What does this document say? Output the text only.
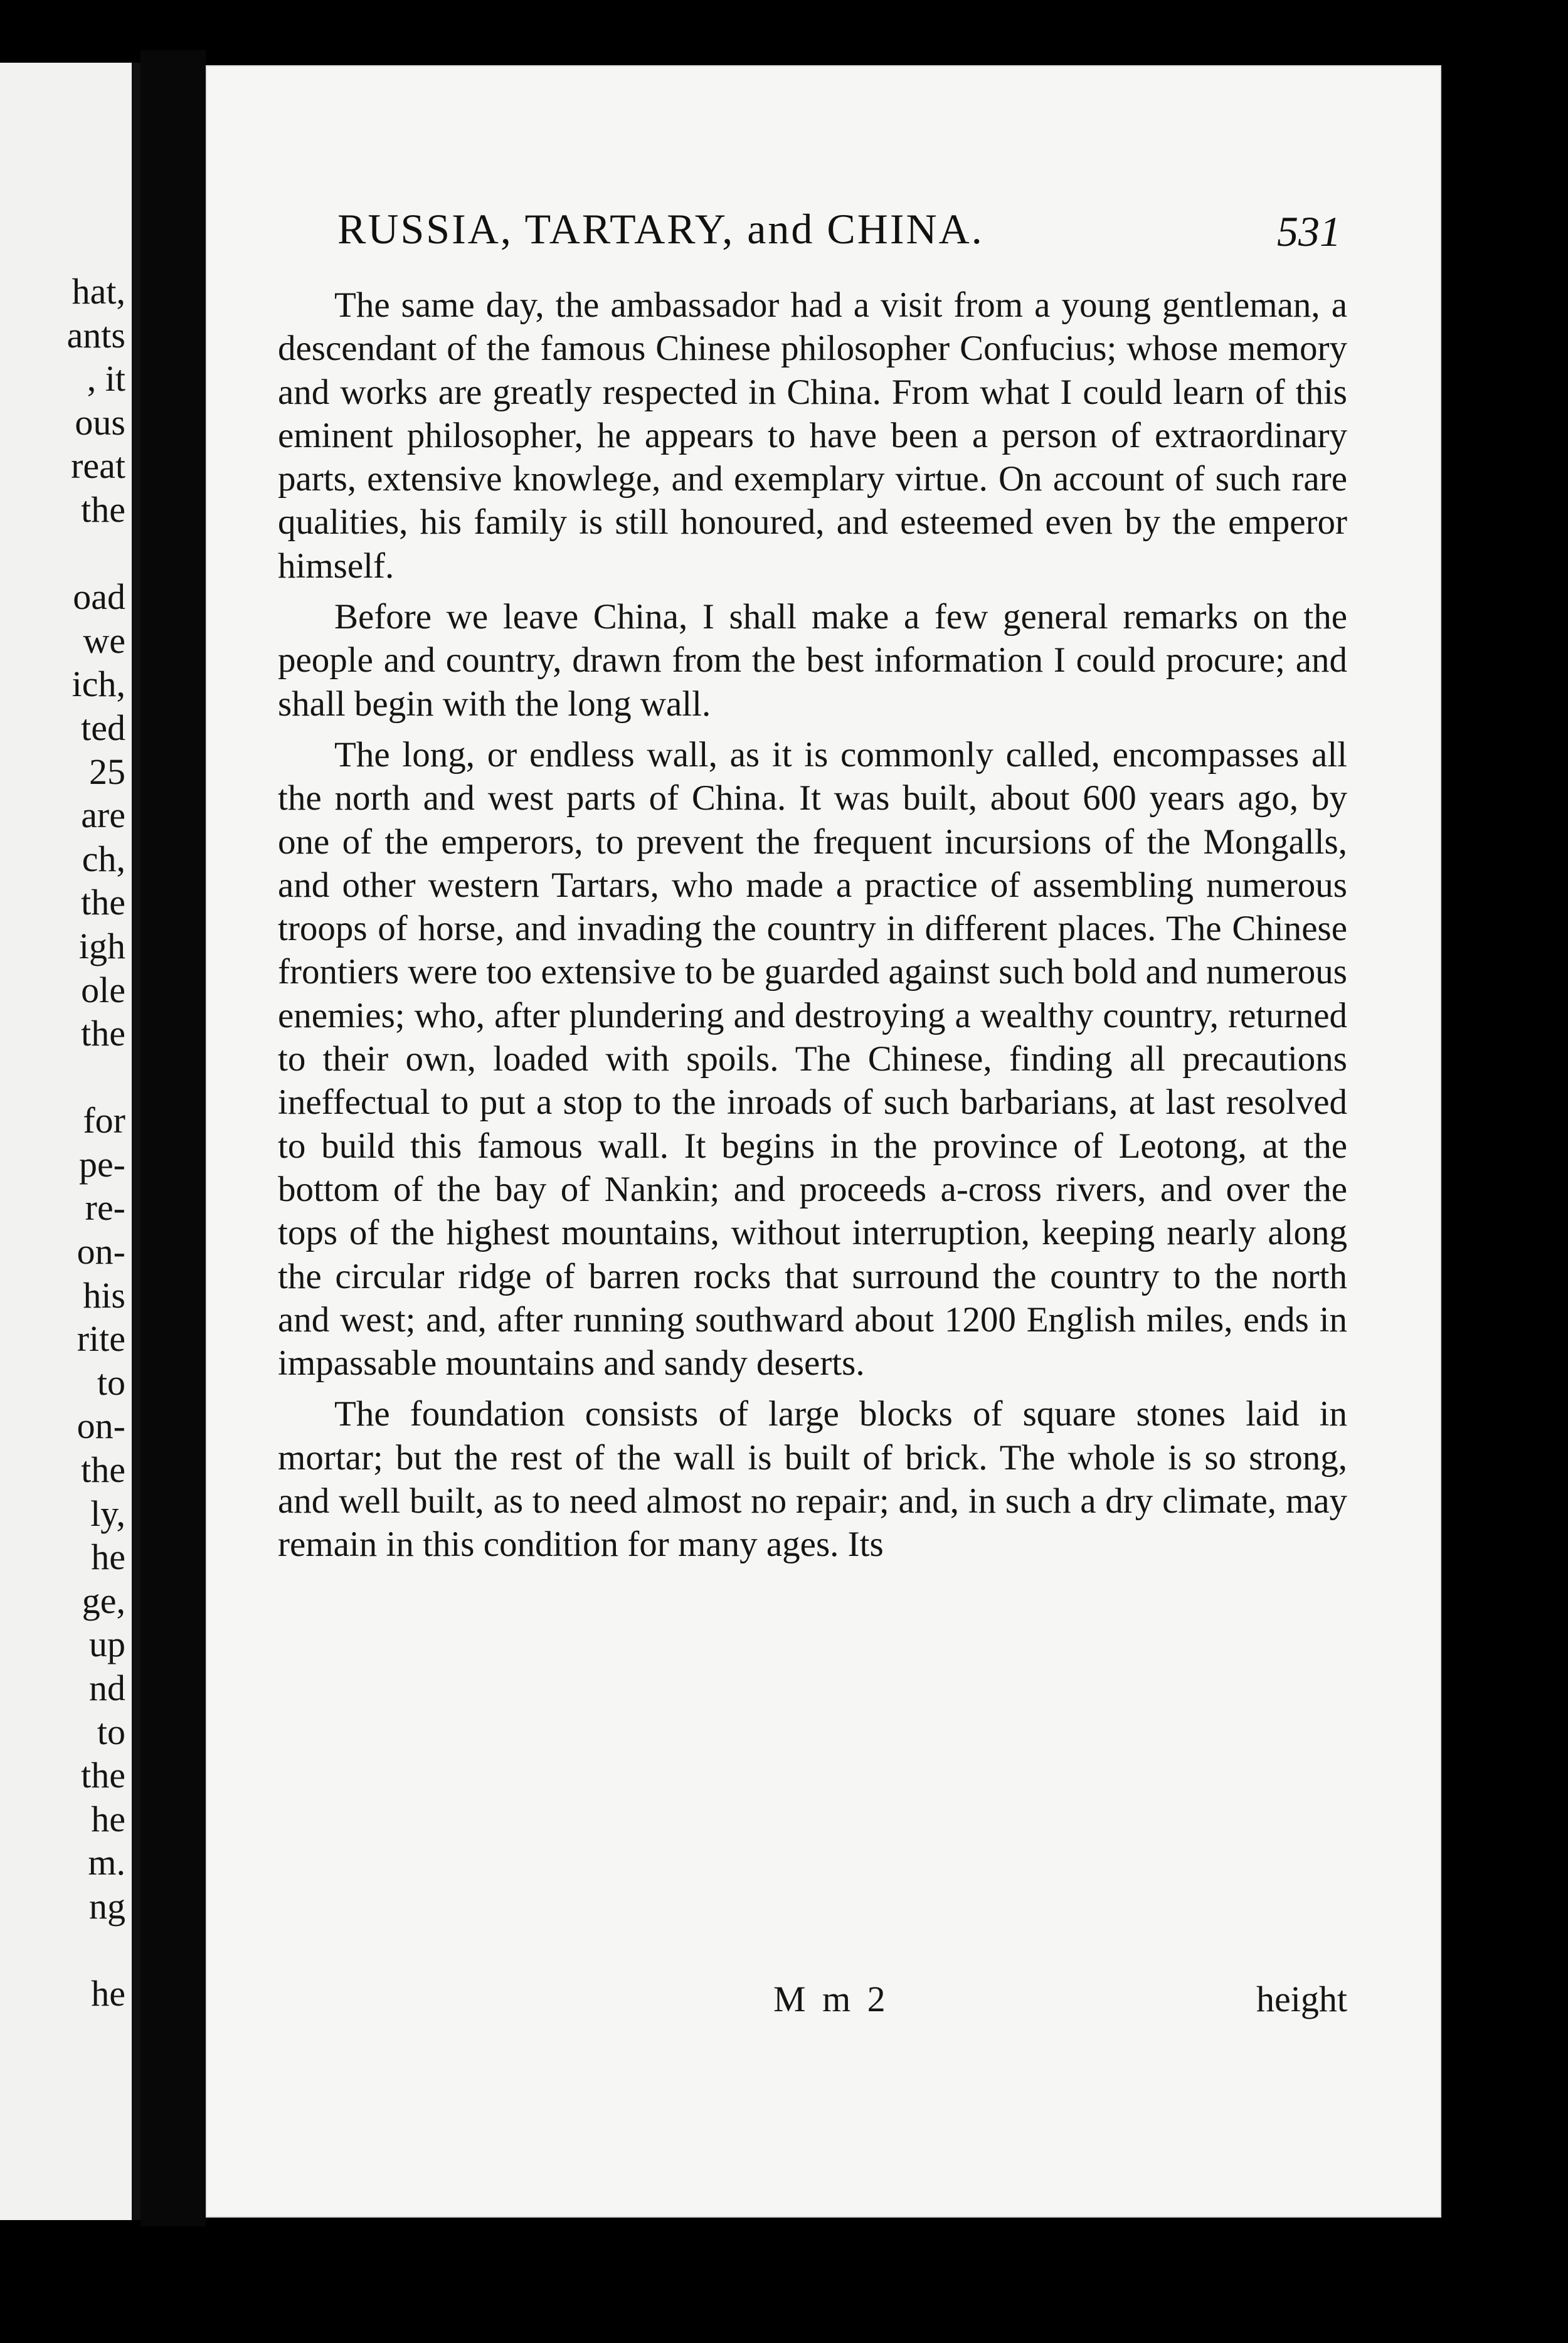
hat,
ants
, it
ous
reat
the
oad
we
ich,
ted
25
are
ch,
the
igh
ole
the
for
pe-
re-
on-
his
rite
to
on-
the
ly,
he
ge,
up
nd
to
the
he
m.
ng
he
RUSSIA, TARTARY, and CHINA.	531

The same day, the ambassador had a visit from a young gentleman, a descendant of the famous Chinese philosopher Confucius; whose memory and works are greatly respected in China. From what I could learn of this eminent philosopher, he appears to have been a person of extraordinary parts, extensive knowlege, and exemplary virtue. On account of such rare qualities, his family is still honoured, and esteemed even by the emperor himself.

Before we leave China, I shall make a few general remarks on the people and country, drawn from the best information I could procure; and shall begin with the long wall.

The long, or endless wall, as it is commonly called, encompasses all the north and west parts of China. It was built, about 600 years ago, by one of the emperors, to prevent the frequent incursions of the Mongalls, and other western Tartars, who made a practice of assembling numerous troops of horse, and invading the country in different places. The Chinese frontiers were too extensive to be guarded against such bold and numerous enemies; who, after plundering and destroying a wealthy country, returned to their own, loaded with spoils. The Chinese, finding all precautions ineffectual to put a stop to the inroads of such barbarians, at last resolved to build this famous wall. It begins in the province of Leotong, at the bottom of the bay of Nankin; and proceeds a-cross rivers, and over the tops of the highest mountains, without interruption, keeping nearly along the circular ridge of barren rocks that surround the country to the north and west; and, after running southward about 1200 English miles, ends in impassable mountains and sandy deserts.

The foundation consists of large blocks of square stones laid in mortar; but the rest of the wall is built of brick. The whole is so strong, and well built, as to need almost no repair; and, in such a dry climate, may remain in this condition for many ages. Its

M m 2	height
